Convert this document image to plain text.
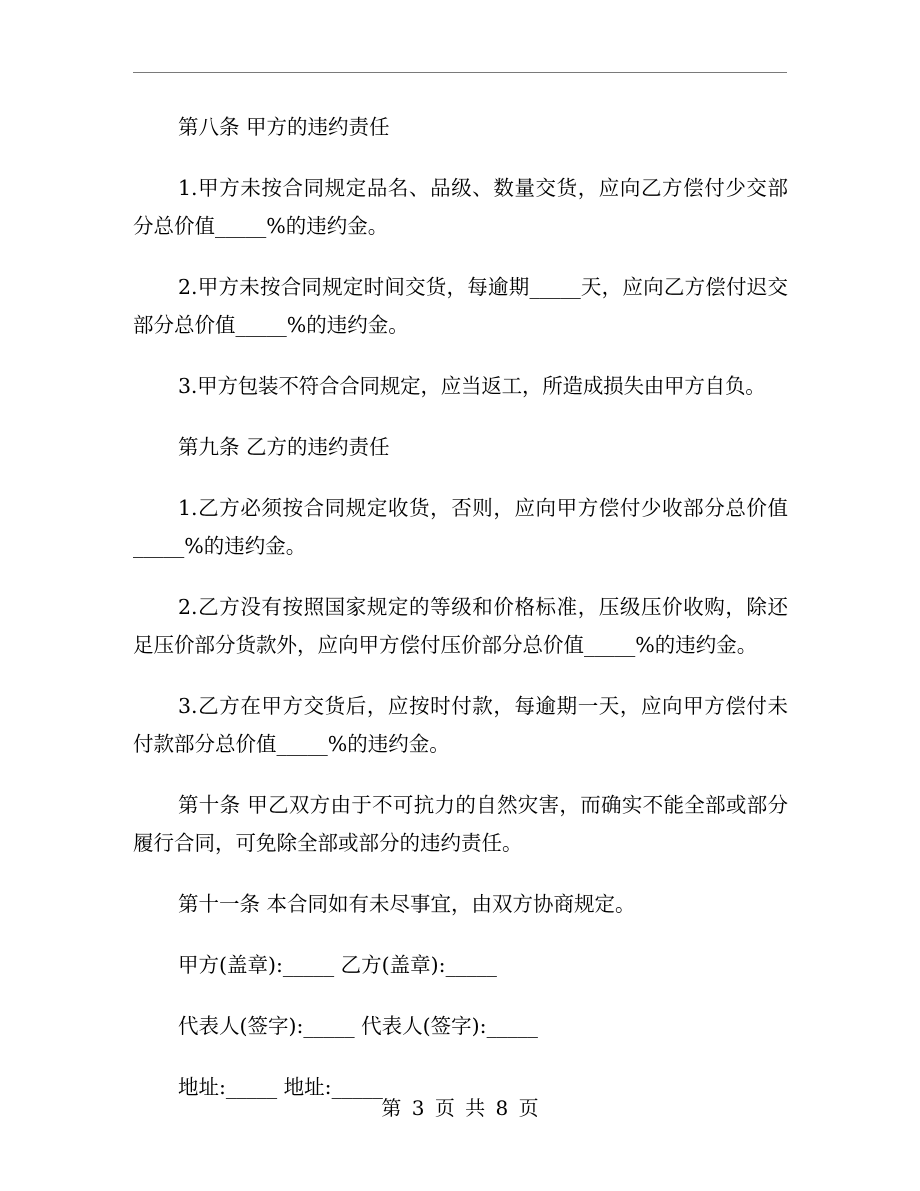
第八条 甲方的违约责任

1.甲方未按合同规定品名、品级、数量交货，应向乙方偿付少交部分总价值_____%的违约金。

2.甲方未按合同规定时间交货，每逾期_____天，应向乙方偿付迟交部分总价值_____%的违约金。

3.甲方包装不符合合同规定，应当返工，所造成损失由甲方自负。

第九条 乙方的违约责任

1.乙方必须按合同规定收货，否则，应向甲方偿付少收部分总价值_____%的违约金。

2.乙方没有按照国家规定的等级和价格标准，压级压价收购，除还足压价部分货款外，应向甲方偿付压价部分总价值_____%的违约金。

3.乙方在甲方交货后，应按时付款，每逾期一天，应向甲方偿付未付款部分总价值_____%的违约金。

第十条 甲乙双方由于不可抗力的自然灾害，而确实不能全部或部分履行合同，可免除全部或部分的违约责任。

第十一条 本合同如有未尽事宜，由双方协商规定。

甲方(盖章):_____ 乙方(盖章):_____

代表人(签字):_____ 代表人(签字):_____

地址:_____ 地址:_____

第 3 页 共 8 页
